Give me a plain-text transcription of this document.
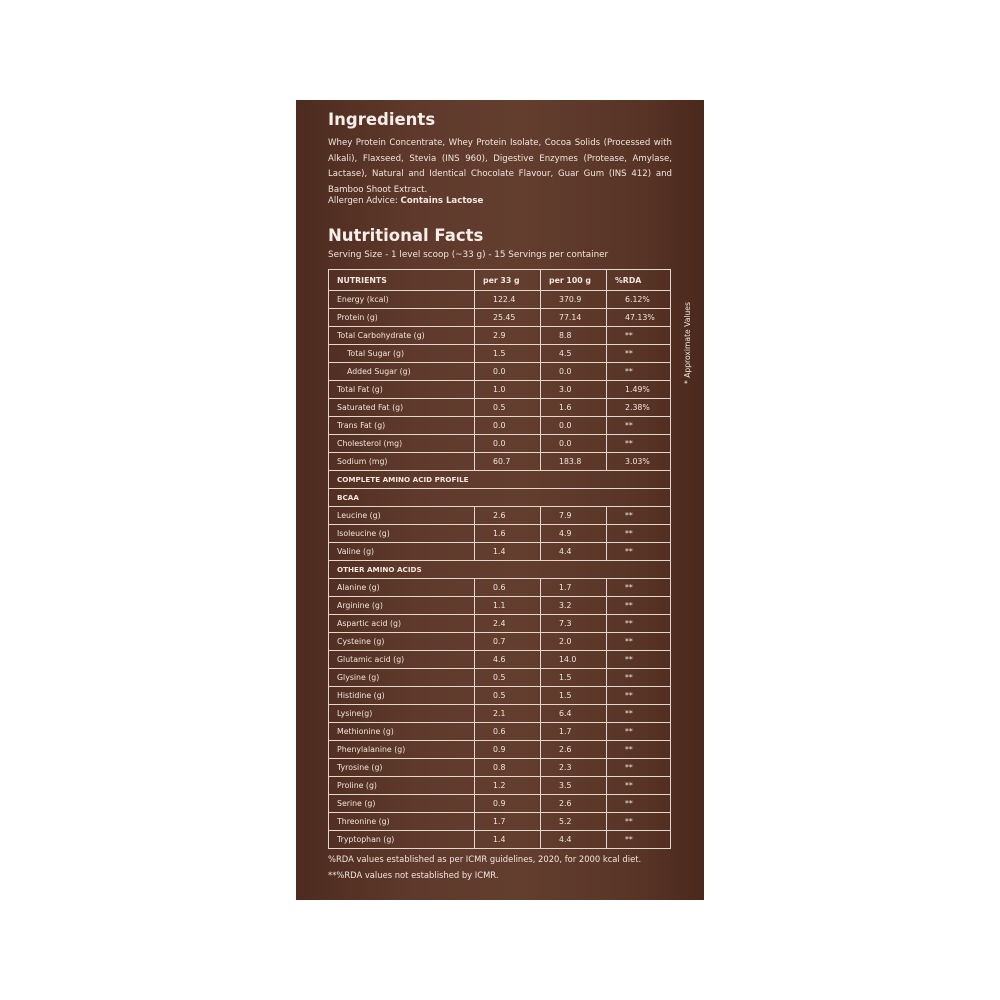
Ingredients
Whey Protein Concentrate, Whey Protein Isolate, Cocoa Solids (Processed with Alkali), Flaxseed, Stevia (INS 960), Digestive Enzymes (Protease, Amylase, Lactase), Natural and Identical Chocolate Flavour, Guar Gum (INS 412) and Bamboo Shoot Extract.
Allergen Advice: Contains Lactose
Nutritional Facts
Serving Size - 1 level scoop (~33 g) - 15 Servings per container
* Approximate Values
NUTRIENTS	per 33 g	per 100 g	%RDA
Energy (kcal)	122.4	370.9	6.12%
Protein (g)	25.45	77.14	47.13%
Total Carbohydrate (g)	2.9	8.8	**
Total Sugar (g)	1.5	4.5	**
Added Sugar (g)	0.0	0.0	**
Total Fat (g)	1.0	3.0	1.49%
Saturated Fat (g)	0.5	1.6	2.38%
Trans Fat (g)	0.0	0.0	**
Cholesterol (mg)	0.0	0.0	**
Sodium (mg)	60.7	183.8	3.03%
COMPLETE AMINO ACID PROFILE			
BCAA			
Leucine (g)	2.6	7.9	**
Isoleucine (g)	1.6	4.9	**
Valine (g)	1.4	4.4	**
OTHER AMINO ACIDS			
Alanine (g)	0.6	1.7	**
Arginine (g)	1.1	3.2	**
Aspartic acid (g)	2.4	7.3	**
Cysteine (g)	0.7	2.0	**
Glutamic acid (g)	4.6	14.0	**
Glysine (g)	0.5	1.5	**
Histidine (g)	0.5	1.5	**
Lysine(g)	2.1	6.4	**
Methionine (g)	0.6	1.7	**
Phenylalanine (g)	0.9	2.6	**
Tyrosine (g)	0.8	2.3	**
Proline (g)	1.2	3.5	**
Serine (g)	0.9	2.6	**
Threonine (g)	1.7	5.2	**
Tryptophan (g)	1.4	4.4	**
%RDA values established as per ICMR guidelines, 2020, for 2000 kcal diet.
**%RDA values not established by ICMR.
